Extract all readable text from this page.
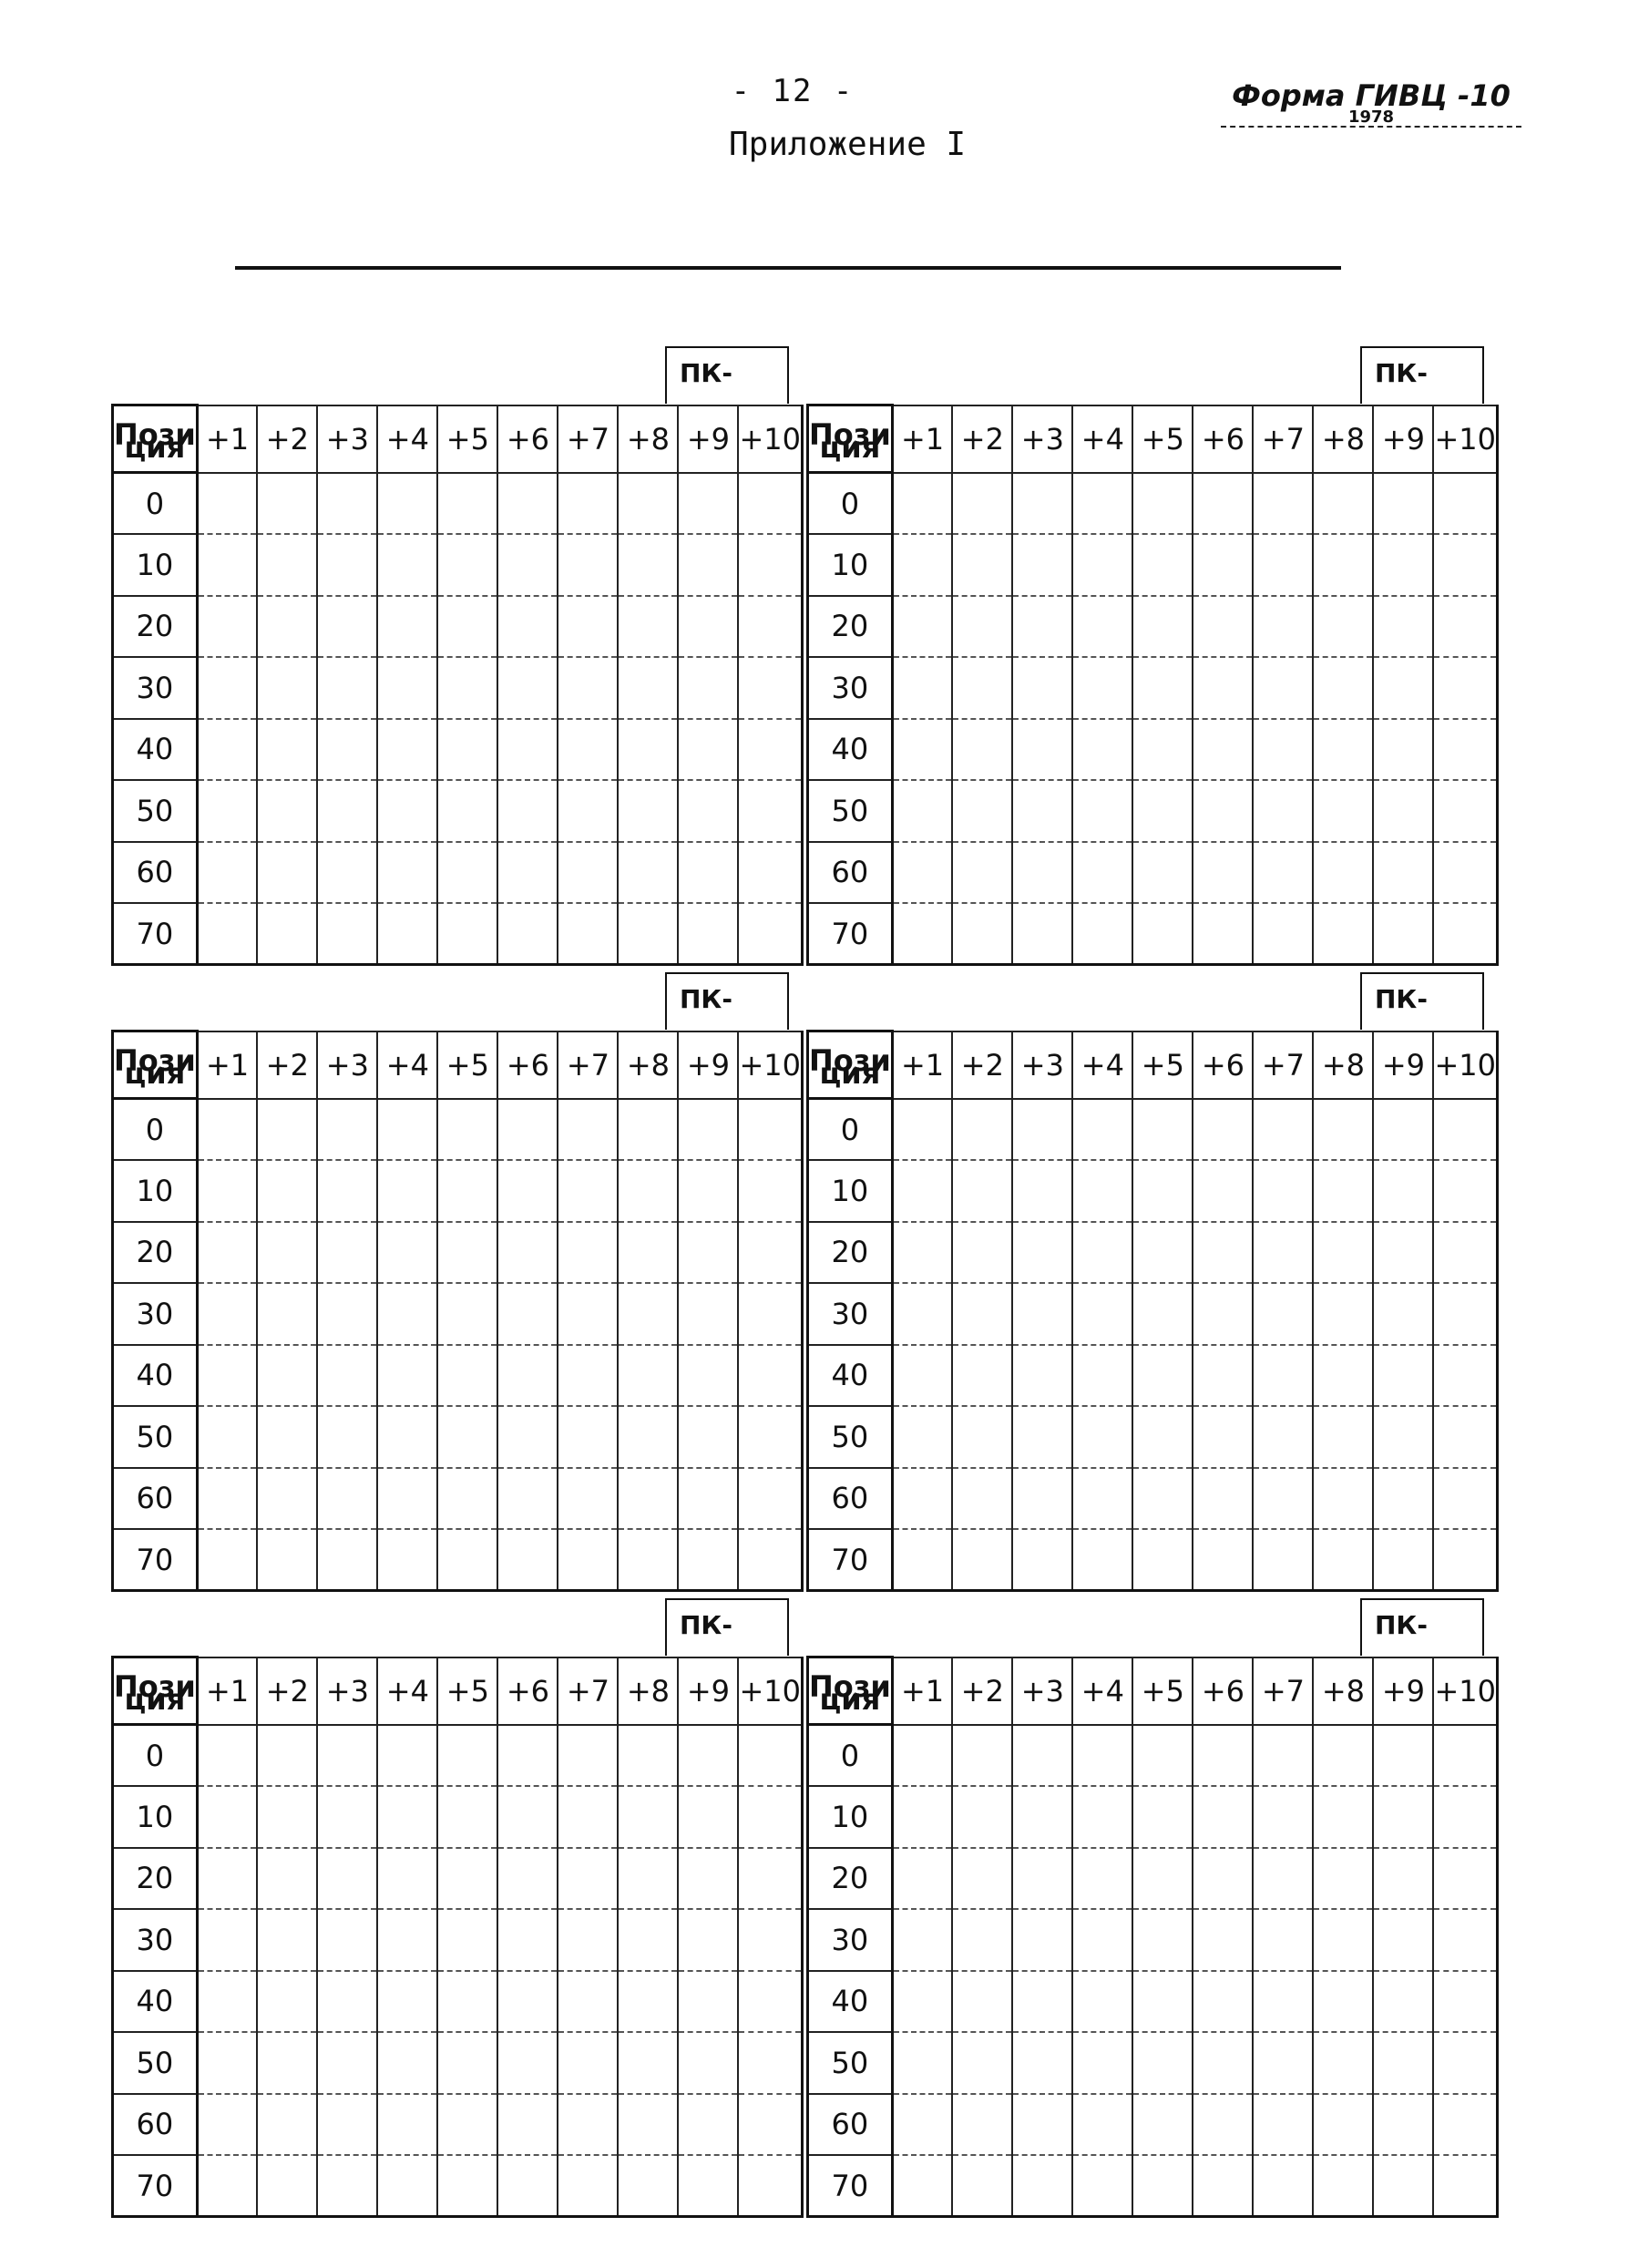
- 12 -
Приложение I
Форма ГИВЦ -10
1978
ПК-
Пози
ция	+1	+2	+3	+4	+5	+6	+7	+8	+9	+10
0										
10										
20										
30										
40										
50										
60										
70										
ПК-
Пози
ция	+1	+2	+3	+4	+5	+6	+7	+8	+9	+10
0										
10										
20										
30										
40										
50										
60										
70										
ПК-
Пози
ция	+1	+2	+3	+4	+5	+6	+7	+8	+9	+10
0										
10										
20										
30										
40										
50										
60										
70										
ПК-
Пози
ция	+1	+2	+3	+4	+5	+6	+7	+8	+9	+10
0										
10										
20										
30										
40										
50										
60										
70										
ПК-
Пози
ция	+1	+2	+3	+4	+5	+6	+7	+8	+9	+10
0										
10										
20										
30										
40										
50										
60										
70										
ПК-
Пози
ция	+1	+2	+3	+4	+5	+6	+7	+8	+9	+10
0										
10										
20										
30										
40										
50										
60										
70										
